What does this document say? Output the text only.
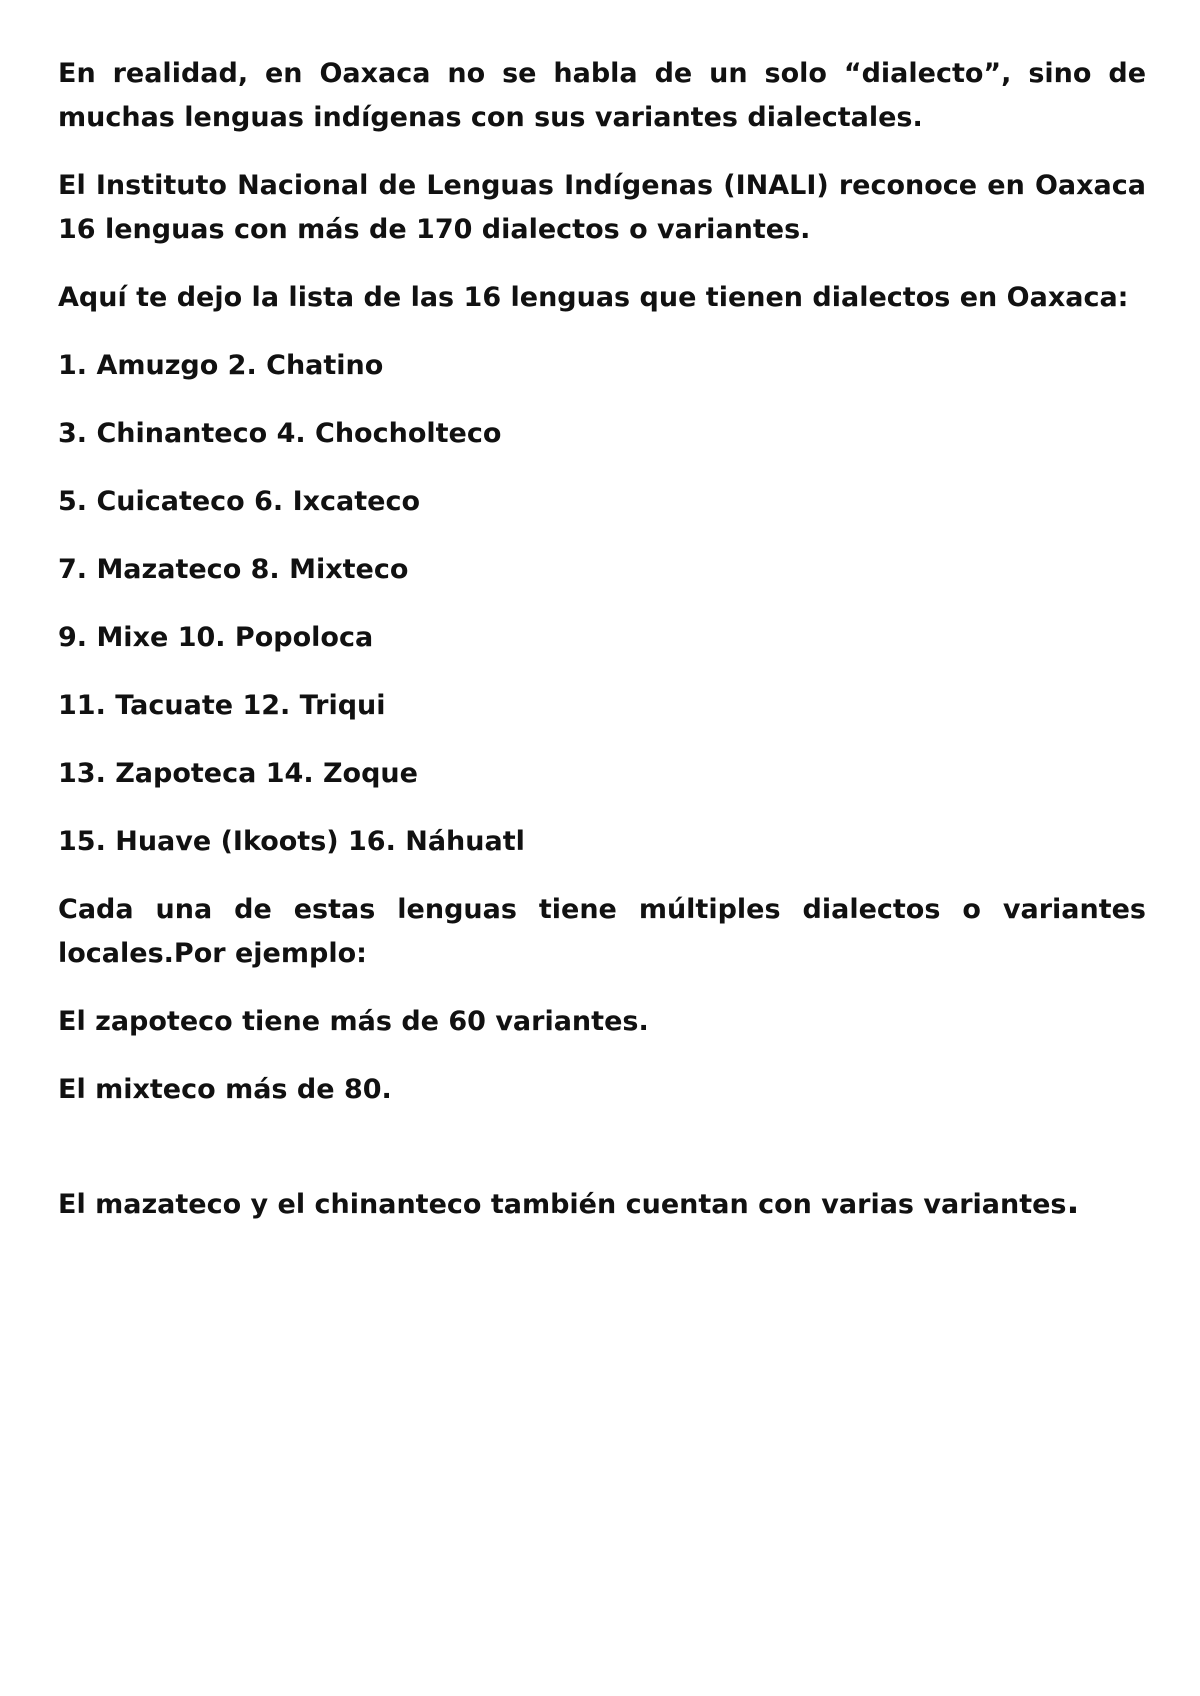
En realidad, en Oaxaca no se habla de un solo “dialecto”, sino de muchas lenguas indígenas con sus variantes dialectales.

El Instituto Nacional de Lenguas Indígenas (INALI) reconoce en Oaxaca 16 lenguas con más de 170 dialectos o variantes.

Aquí te dejo la lista de las 16 lenguas que tienen dialectos en Oaxaca:

1. Amuzgo 2. Chatino

3. Chinanteco 4. Chocholteco

5. Cuicateco 6. Ixcateco

7. Mazateco 8. Mixteco

9. Mixe 10. Popoloca

11. Tacuate 12. Triqui

13. Zapoteca 14. Zoque

15. Huave (Ikoots) 16. Náhuatl

Cada una de estas lenguas tiene múltiples dialectos o variantes locales.Por ejemplo:

El zapoteco tiene más de 60 variantes.

El mixteco más de 80.

El mazateco y el chinanteco también cuentan con varias variantes.
